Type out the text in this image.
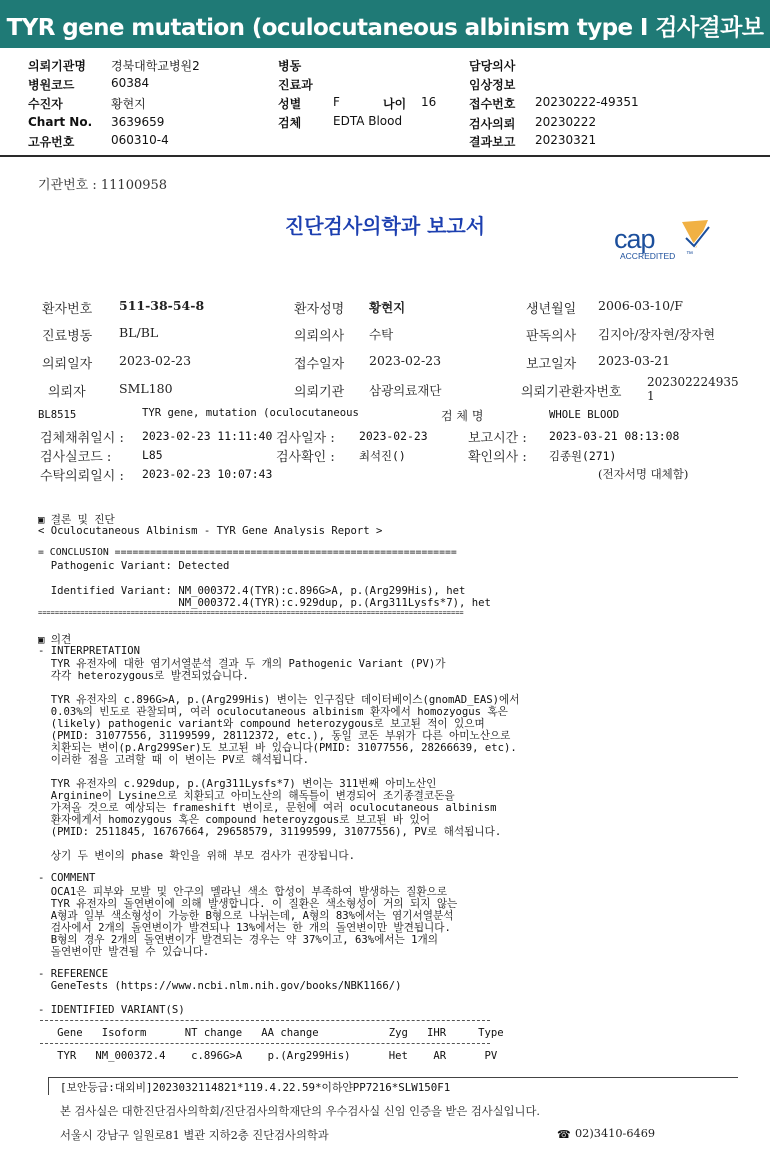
TYR gene mutation (oculocutaneous albinism type I 검사결과보고서
의뢰기관명 경북대학교병원2
병원코드	60384
수진자	황현지
Chart No. 3639659
고유번호	060310-4
병동
진료과
성별	F	나이 16
검체	EDTA Blood
담당의사
임상정보
접수번호 20230222-49351
검사의뢰 20230222
결과보고 20230321
기관번호 : 11100958
진단검사의학과 보고서	cap
ACCREDITED ™
환자번호 511-38-54-8	환자성명 황현지	생년월일 2006-03-10/F
진료병동 BL/BL	의뢰의사 수탁	판독의사 김지아/장자현/장자현
의뢰일자 2023-02-23	접수일자 2023-02-23	보고일자 2023-03-21
의뢰자	SML180	의뢰기관 삼광의료재단	의뢰기관환자번호
202302224935
1
BL8515	TYR gene, mutation (oculocutaneous	검 체 명	WHOLE BLOOD
검체채취일시 : 2023-02-23 11:11:40 검사일자 : 2023-02-23	보고시간 : 2023-03-21 08:13:08
검사실코드 :	L85	검사확인 : 최석진()	확인의사 : 김종원(271)
수탁의뢰일시 : 2023-02-23 10:07:43	(전자서명 대체함)
▣ 결론 및 진단
< Oculocutaneous Albinism - TYR Gene Analysis Report >
= CONCLUSION ==========================================================
Pathogenic Variant: Detected
Identified Variant: NM_000372.4(TYR):c.896G>A, p.(Arg299His), het
NM_000372.4(TYR):c.929dup, p.(Arg311Lysfs*7), het
=====================================================================================================
▣ 의견
- INTERPRETATION
TYR 유전자에 대한 염기서열분석 결과 두 개의 Pathogenic Variant (PV)가
각각 heterozygous로 발견되었습니다.
TYR 유전자의 c.896G>A, p.(Arg299His) 변이는 인구집단 데이터베이스(gnomAD_EAS)에서
0.03%의 빈도로 관찰되며, 여러 oculocutaneous albinism 환자에서 homozyogus 혹은
(likely) pathogenic variant와 compound heterozygous로 보고된 적이 있으며
(PMID: 31077556, 31199599, 28112372, etc.), 동일 코돈 부위가 다른 아미노산으로
치환되는 변이(p.Arg299Ser)도 보고된 바 있습니다(PMID: 31077556, 28266639, etc).
이러한 점을 고려할 때 이 변이는 PV로 해석됩니다.
TYR 유전자의 c.929dup, p.(Arg311Lysfs*7) 변이는 311번째 아미노산인
Arginine이 Lysine으로 치환되고 아미노산의 해독틀이 변경되어 조기종결코돈을
가져올 것으로 예상되는 frameshift 변이로, 문헌에 여러 oculocutaneous albinism
환자에게서 homozygous 혹은 compound heteroyzgous로 보고된 바 있어
(PMID: 2511845, 16767664, 29658579, 31199599, 31077556), PV로 해석됩니다.
상기 두 변이의 phase 확인을 위해 부모 검사가 권장됩니다.
- COMMENT
OCA1은 피부와 모발 및 안구의 멜라닌 색소 합성이 부족하여 발생하는 질환으로
TYR 유전자의 돌연변이에 의해 발생합니다. 이 질환은 색소형성이 거의 되지 않는
A형과 일부 색소형성이 가능한 B형으로 나뉘는데, A형의 83%에서는 염기서열분석
검사에서 2개의 돌연변이가 발견되나 13%에서는 한 개의 돌연변이만 발견됩니다.
B형의 경우 2개의 돌연변이가 발견되는 경우는 약 37%이고, 63%에서는 1개의
돌연변이만 발견될 수 있습니다.
- REFERENCE
GeneTests (https://www.ncbi.nlm.nih.gov/books/NBK1166/)
- IDENTIFIED VARIANT(S)
Gene   Isoform      NT change   AA change           Zyg   IHR     Type
TYR   NM_000372.4    c.896G>A    p.(Arg299His)      Het    AR      PV
[보안등급:대외비]2023032114821*119.4.22.59*이하얀PP7216*SLW150F1
본 검사실은 대한진단검사의학회/진단검사의학재단의 우수검사실 신임 인증을 받은 검사실입니다.
서울시 강남구 일원로81 별관 지하2층 진단검사의학과	☎ 02)3410-6469
